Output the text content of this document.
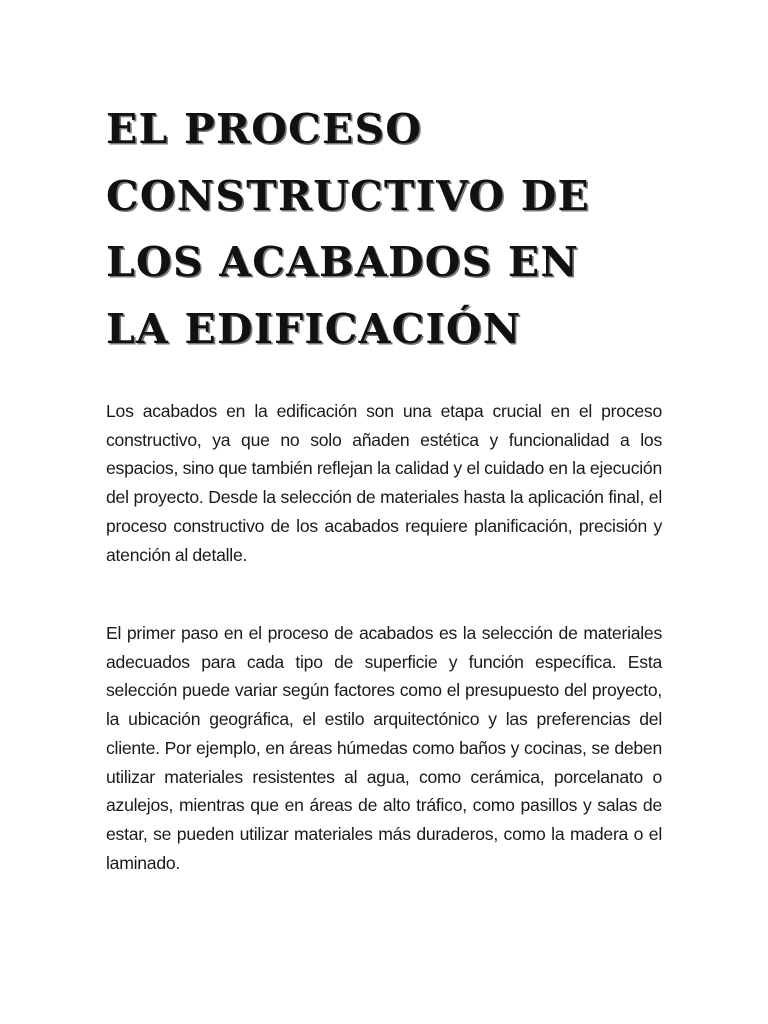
EL PROCESO CONSTRUCTIVO DE LOS ACABADOS EN LA EDIFICACIÓN

Los acabados en la edificación son una etapa crucial en el proceso constructivo, ya que no solo añaden estética y funcionalidad a los espacios, sino que también reflejan la calidad y el cuidado en la ejecución del proyecto. Desde la selección de materiales hasta la aplicación final, el proceso constructivo de los acabados requiere planificación, precisión y atención al detalle.

El primer paso en el proceso de acabados es la selección de materiales adecuados para cada tipo de superficie y función específica. Esta selección puede variar según factores como el presupuesto del proyecto, la ubicación geográfica, el estilo arquitectónico y las preferencias del cliente. Por ejemplo, en áreas húmedas como baños y cocinas, se deben utilizar materiales resistentes al agua, como cerámica, porcelanato o azulejos, mientras que en áreas de alto tráfico, como pasillos y salas de estar, se pueden utilizar materiales más duraderos, como la madera o el laminado.
